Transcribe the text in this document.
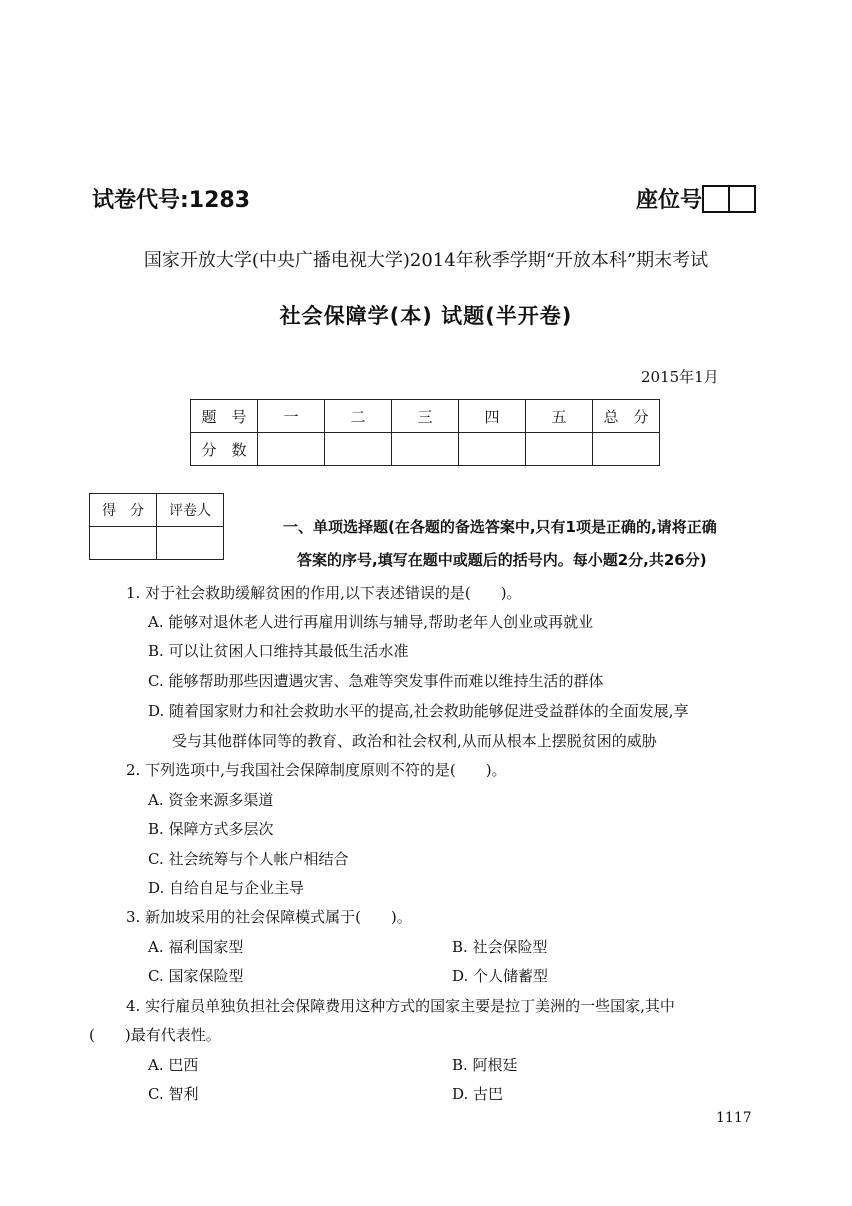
试卷代号:1283	座位号
国家开放大学(中央广播电视大学)2014年秋季学期“开放本科”期末考试
社会保障学(本) 试题(半开卷)
2015年1月
题　号	一	二	三	四	五	总　分
分　数						
得　分	评卷人

一、单项选择题(在各题的备选答案中,只有1项是正确的,请将正确
答案的序号,填写在题中或题后的括号内。每小题2分,共26分)
1. 对于社会救助缓解贫困的作用,以下表述错误的是(　　)。
A. 能够对退休老人进行再雇用训练与辅导,帮助老年人创业或再就业
B. 可以让贫困人口维持其最低生活水准
C. 能够帮助那些因遭遇灾害、急难等突发事件而难以维持生活的群体
D. 随着国家财力和社会救助水平的提高,社会救助能够促进受益群体的全面发展,享
受与其他群体同等的教育、政治和社会权利,从而从根本上摆脱贫困的威胁
2. 下列选项中,与我国社会保障制度原则不符的是(　　)。
A. 资金来源多渠道
B. 保障方式多层次
C. 社会统筹与个人帐户相结合
D. 自给自足与企业主导
3. 新加坡采用的社会保障模式属于(　　)。
A. 福利国家型	B. 社会保险型
C. 国家保险型	D. 个人储蓄型
4. 实行雇员单独负担社会保障费用这种方式的国家主要是拉丁美洲的一些国家,其中
(　　)最有代表性。
A. 巴西	B. 阿根廷
C. 智利	D. 古巴
1117
